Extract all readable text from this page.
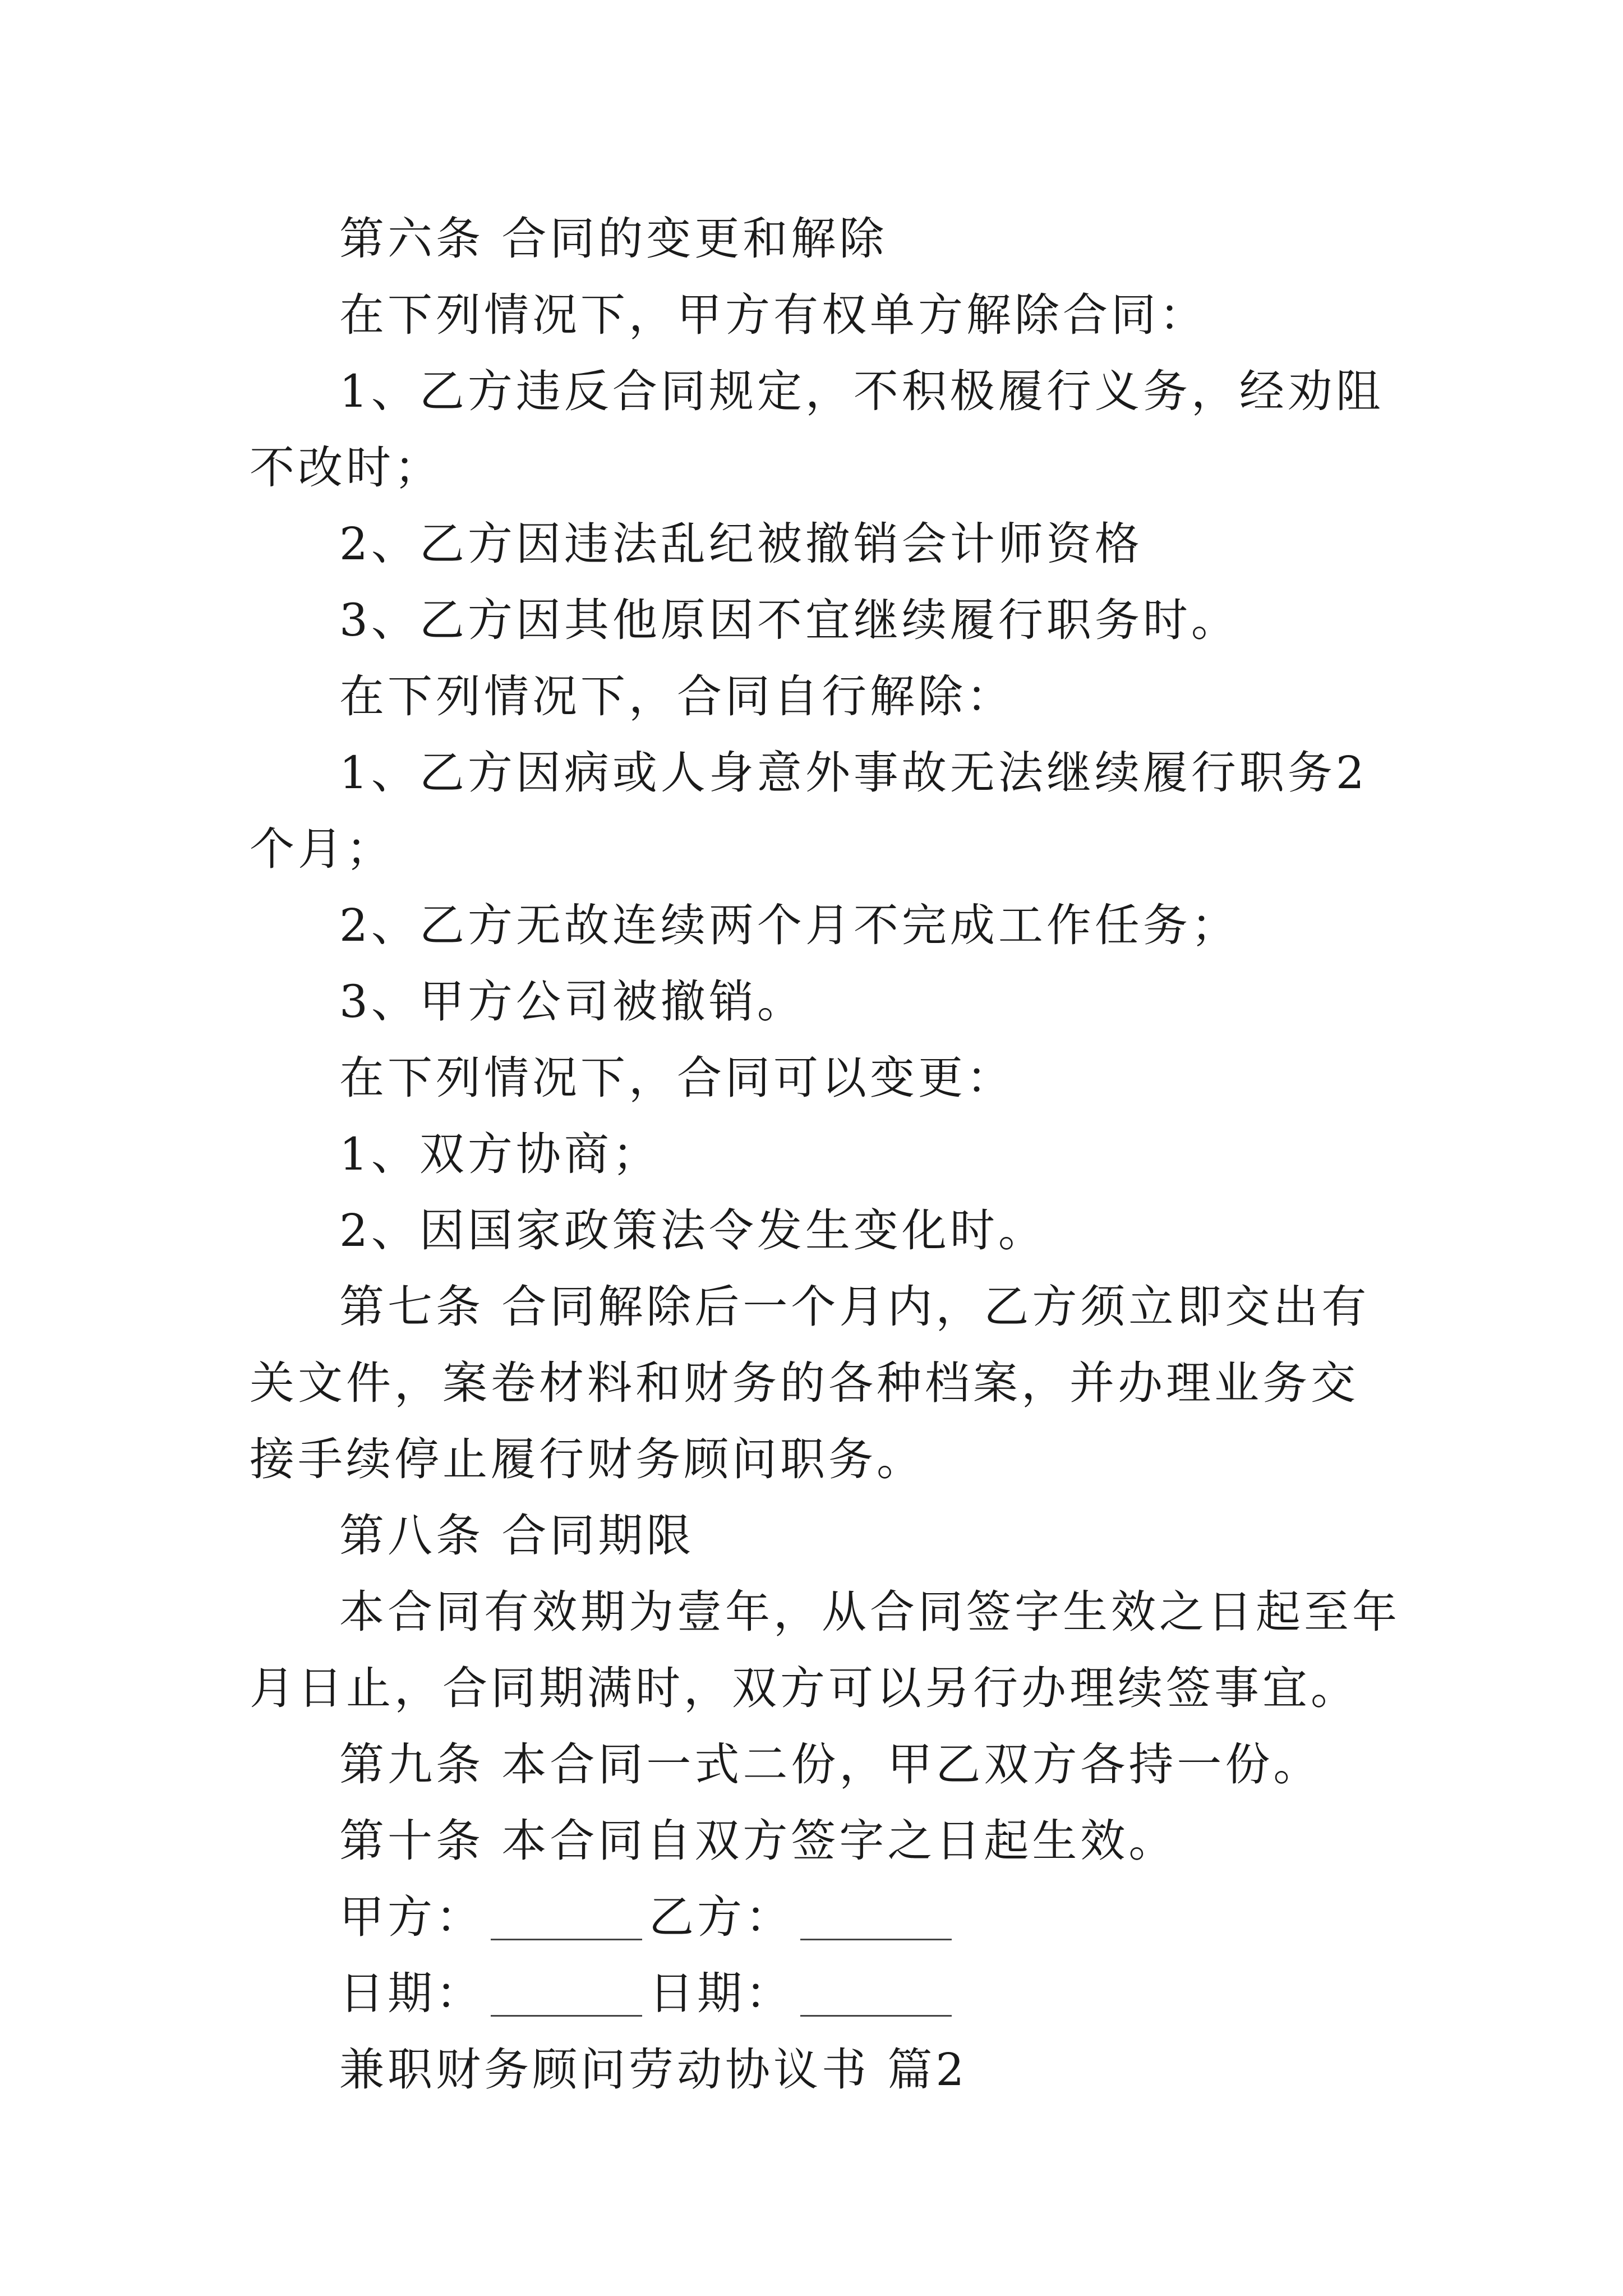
第六条 合同的变更和解除

在下列情况下，甲方有权单方解除合同：

1、乙方违反合同规定，不积极履行义务，经劝阻不改时；

2、乙方因违法乱纪被撤销会计师资格

3、乙方因其他原因不宜继续履行职务时。

在下列情况下，合同自行解除：

1、乙方因病或人身意外事故无法继续履行职务2个月；

2、乙方无故连续两个月不完成工作任务；

3、甲方公司被撤销。

在下列情况下，合同可以变更：

1、双方协商；

2、因国家政策法令发生变化时。

第七条 合同解除后一个月内，乙方须立即交出有关文件，案卷材料和财务的各种档案，并办理业务交接手续停止履行财务顾问职务。

第八条 合同期限

本合同有效期为壹年，从合同签字生效之日起至年月日止，合同期满时，双方可以另行办理续签事宜。

第九条 本合同一式二份，甲乙双方各持一份。

第十条 本合同自双方签字之日起生效。

甲方：	乙方：

日期：	日期：

兼职财务顾问劳动协议书 篇2
